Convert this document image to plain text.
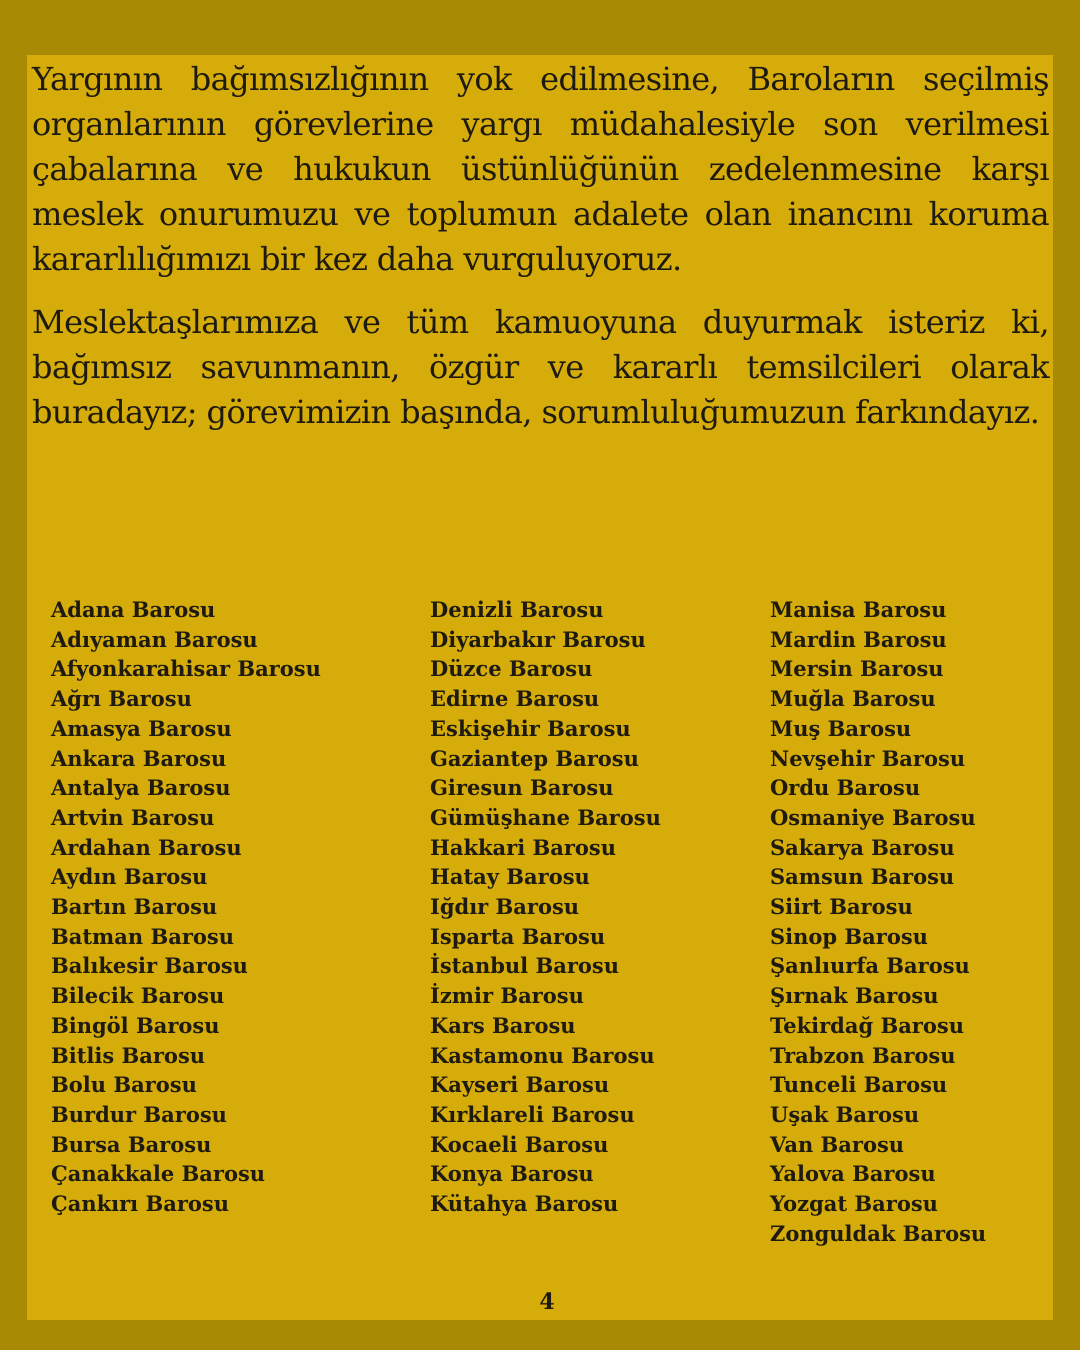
Yargının bağımsızlığının yok edilmesine, Baroların seçilmiş organlarının görevlerine yargı müdahalesiyle son verilmesi çabalarına ve hukukun üstünlüğünün zedelenmesine karşı meslek onurumuzu ve toplumun adalete olan inancını koruma kararlılığımızı bir kez daha vurguluyoruz.

Meslektaşlarımıza ve tüm kamuoyuna duyurmak isteriz ki, bağımsız savunmanın, özgür ve kararlı temsilcileri olarak buradayız; görevimizin başında, sorumluluğumuzun farkındayız.

Adana Barosu
Adıyaman Barosu
Afyonkarahisar Barosu
Ağrı Barosu
Amasya Barosu
Ankara Barosu
Antalya Barosu
Artvin Barosu
Ardahan Barosu
Aydın Barosu
Bartın Barosu
Batman Barosu
Balıkesir Barosu
Bilecik Barosu
Bingöl Barosu
Bitlis Barosu
Bolu Barosu
Burdur Barosu
Bursa Barosu
Çanakkale Barosu
Çankırı Barosu
Denizli Barosu
Diyarbakır Barosu
Düzce Barosu
Edirne Barosu
Eskişehir Barosu
Gaziantep Barosu
Giresun Barosu
Gümüşhane Barosu
Hakkari Barosu
Hatay Barosu
Iğdır Barosu
Isparta Barosu
İstanbul Barosu
İzmir Barosu
Kars Barosu
Kastamonu Barosu
Kayseri Barosu
Kırklareli Barosu
Kocaeli Barosu
Konya Barosu
Kütahya Barosu
Manisa Barosu
Mardin Barosu
Mersin Barosu
Muğla Barosu
Muş Barosu
Nevşehir Barosu
Ordu Barosu
Osmaniye Barosu
Sakarya Barosu
Samsun Barosu
Siirt Barosu
Sinop Barosu
Şanlıurfa Barosu
Şırnak Barosu
Tekirdağ Barosu
Trabzon Barosu
Tunceli Barosu
Uşak Barosu
Van Barosu
Yalova Barosu
Yozgat Barosu
Zonguldak Barosu
4
